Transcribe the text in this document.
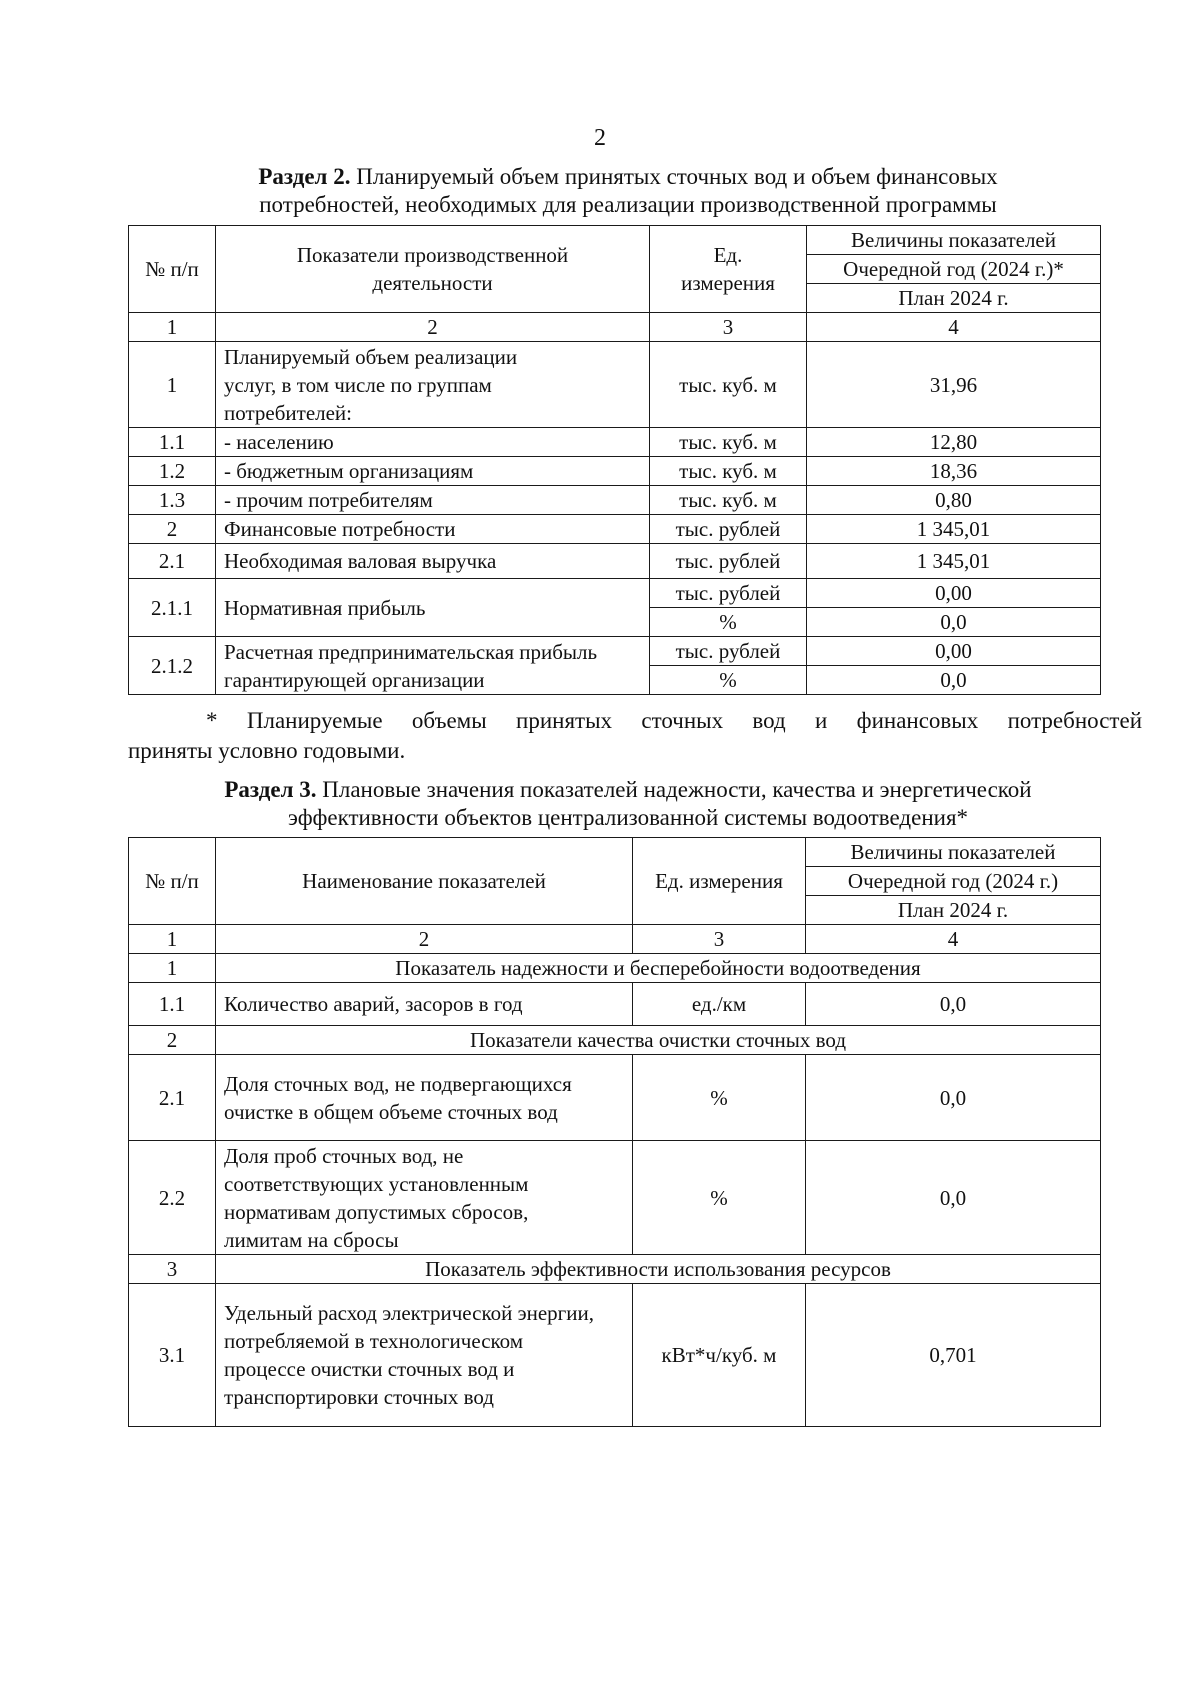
2
Раздел 2. Планируемый объем принятых сточных вод и объем финансовых
потребностей, необходимых для реализации производственной программы
№ п/п	Показатели производственной деятельности	Ед. измерения	Величины показателей
			Очередной год (2024 г.)*
			План 2024 г.
1	2	3	4
1	Планируемый объем реализации услуг, в том числе по группам потребителей:	тыс. куб. м	31,96
1.1	- населению	тыс. куб. м	12,80
1.2	- бюджетным организациям	тыс. куб. м	18,36
1.3	- прочим потребителям	тыс. куб. м	0,80
2	Финансовые потребности	тыс. рублей	1 345,01
2.1	Необходимая валовая выручка	тыс. рублей	1 345,01
2.1.1	Нормативная прибыль	тыс. рублей	0,00
		%	0,0
2.1.2	Расчетная предпринимательская прибыль гарантирующей организации	тыс. рублей	0,00
		%	0,0
* Планируемые объемы принятых сточных вод и финансовых потребностей
приняты условно годовыми.
Раздел 3. Плановые значения показателей надежности, качества и энергетической
эффективности объектов централизованной системы водоотведения*
№ п/п	Наименование показателей	Ед. измерения	Величины показателей
			Очередной год (2024 г.)
			План 2024 г.
1	2	3	4
1	Показатель надежности и бесперебойности водоотведения		
1.1	Количество аварий, засоров в год	ед./км	0,0
2	Показатели качества очистки сточных вод		
2.1	Доля сточных вод, не подвергающихся очистке в общем объеме сточных вод	%	0,0
2.2	Доля проб сточных вод, не соответствующих установленным нормативам допустимых сбросов, лимитам на сбросы	%	0,0
3	Показатель эффективности использования ресурсов		
3.1	Удельный расход электрической энергии, потребляемой в технологическом процессе очистки сточных вод и транспортировки сточных вод	кВт*ч/куб. м	0,701
